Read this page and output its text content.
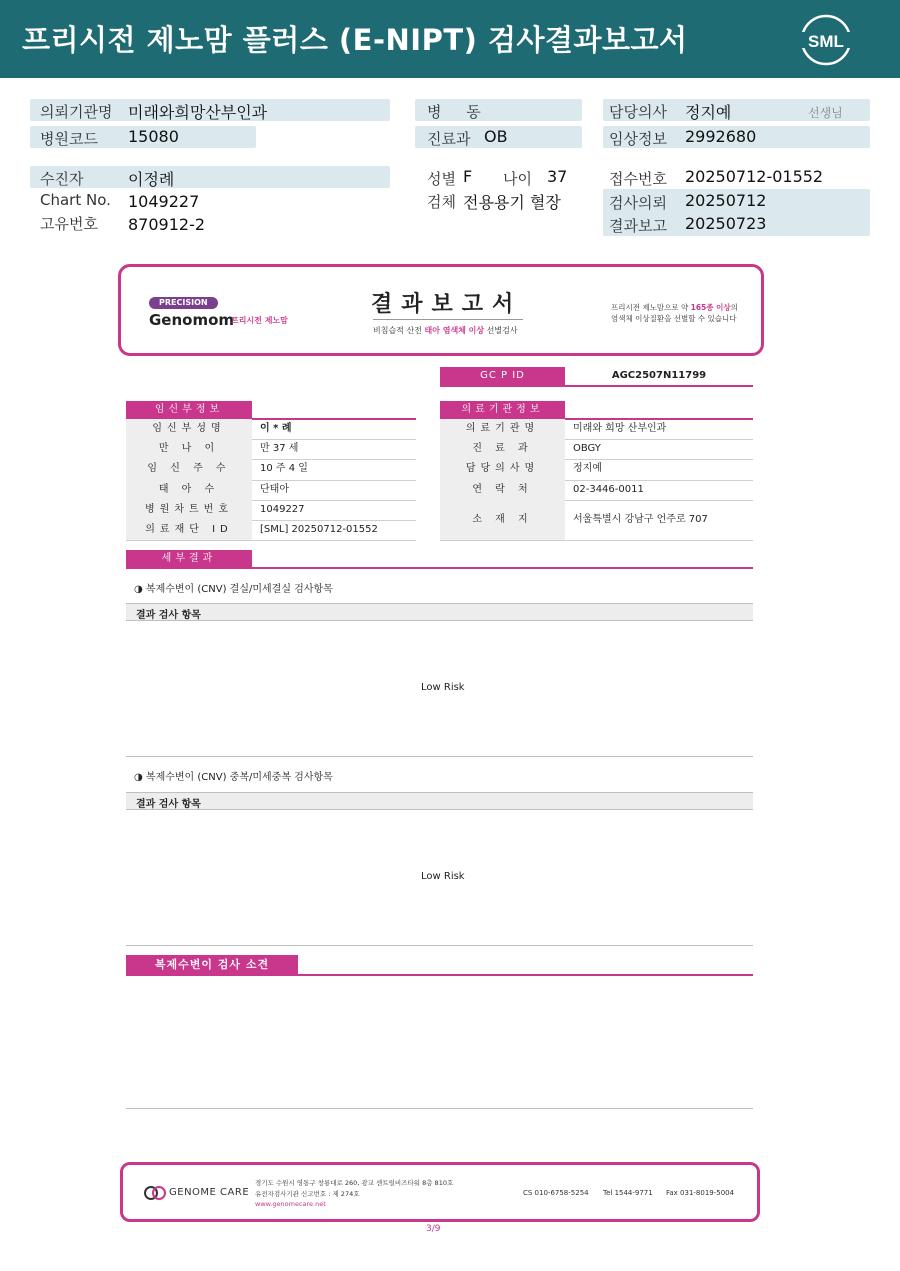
프리시전 제노맘 플러스 (E-NIPT) 검사결과보고서	SML
의뢰기관명 미래와희망산부인과
병원코드 15080
병 동
진료과 OB
담당의사 정지예	선생님
임상정보 2992680
수진자	이정례
Chart No. 1049227
고유번호 870912-2
성별 F 나이 37
검체 전용용기 혈장
접수번호 20250712-01552
검사의뢰 20250712
결과보고 20250723
PRECISION
Genomom
프리시전 제노맘
결과보고서
비침습적 산전 태아 염색체 이상 선별검사
프리시전 제노맘으로 약 165종 이상의
염색체 이상질환을 선별할 수 있습니다
GC P ID	AGC2507N11799
임신부정보
임신부성명	이 * 례
만 나 이	만 37 세
임 신 주 수	10 주 4 일
태 아 수	단태아
병원차트번호	1049227
의료재단 ID	[SML] 20250712-01552
의료기관정보
의료기관명	미래와 희망 산부인과
진 료 과	OBGY
담당의사명	정지예
연 락 처	02-3446-0011
소 재 지	서울특별시 강남구 언주로 707
세부결과
◑ 복제수변이 (CNV) 결실/미세결실 검사항목
결과 검사 항목
Low Risk
◑ 복제수변이 (CNV) 중복/미세중복 검사항목
결과 검사 항목
Low Risk
복제수변이 검사 소견
GENOME CARE
경기도 수원시 영통구 창룡대로 260, 광교 센트럴비즈타워 8층 810호
유전자검사기관 신고번호 : 제 274호
www.genomecare.net
CS 010-6758-5254 Tel 1544-9771 Fax 031-8019-5004
3/9
